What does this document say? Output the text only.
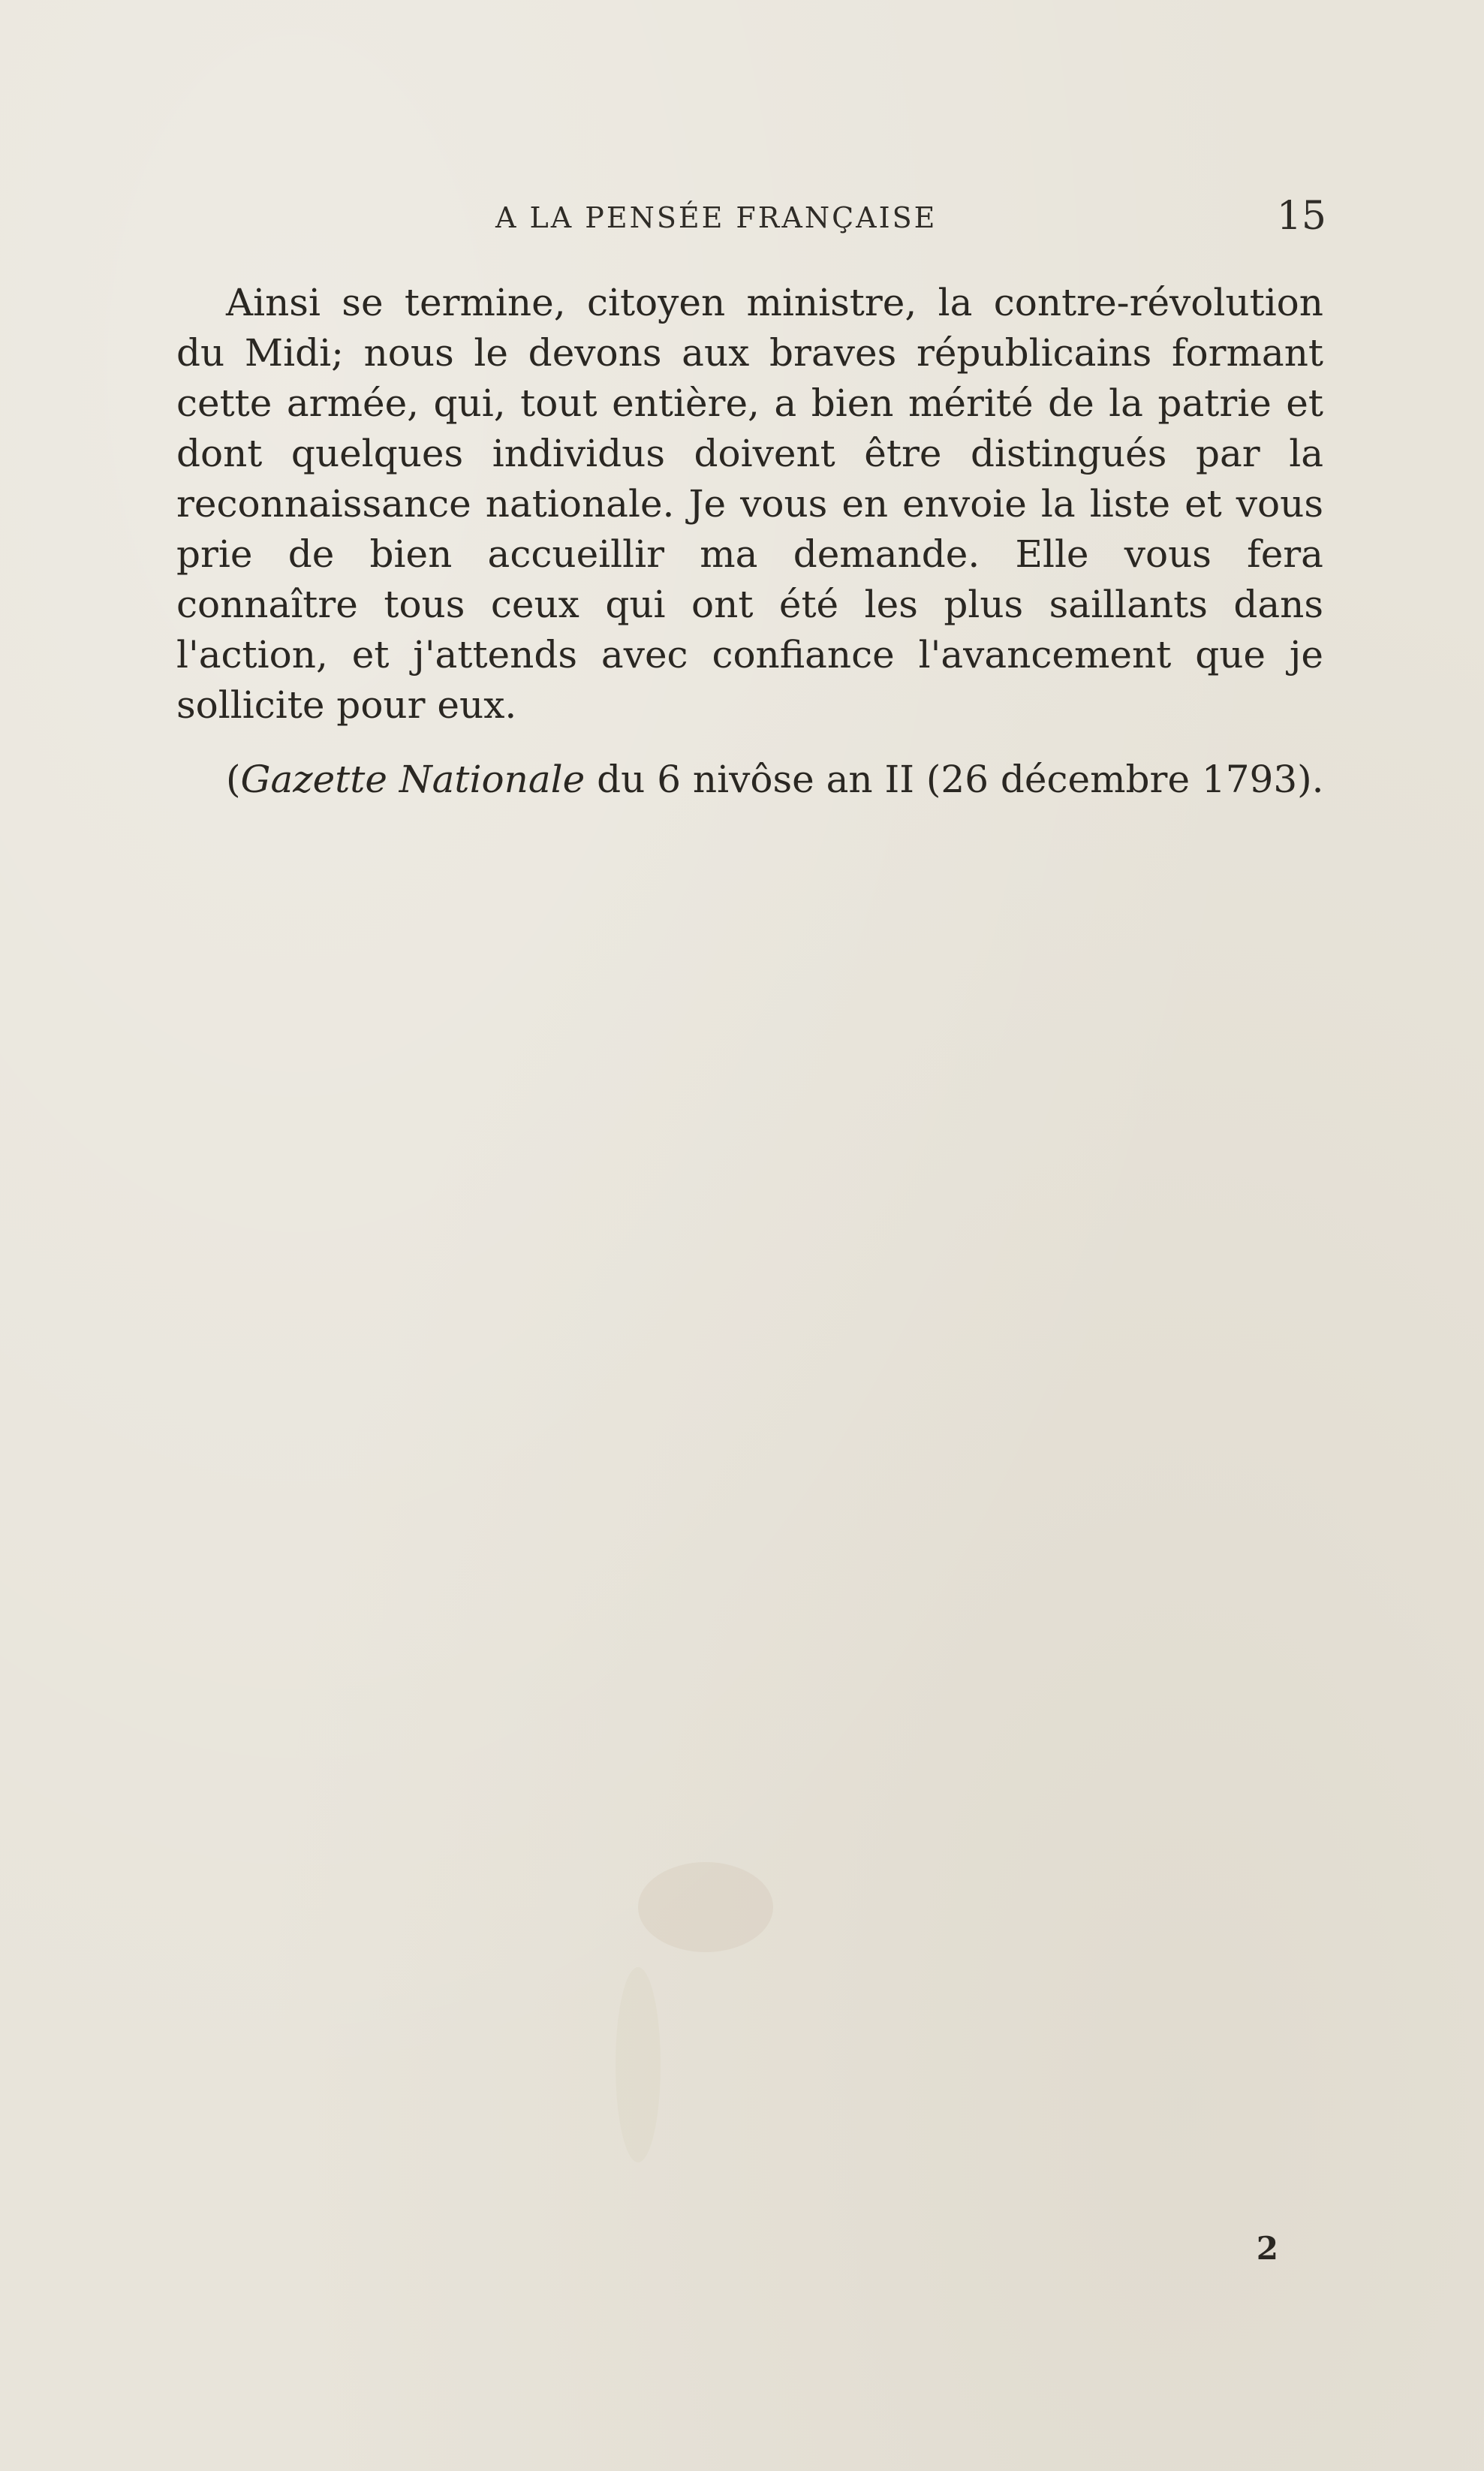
A LA PENSÉE FRANÇAISE	15

Ainsi se termine, citoyen ministre, la contre-révolution du Midi; nous le devons aux braves républicains formant cette armée, qui, tout entière, a bien mérité de la patrie et dont quelques individus doivent être distingués par la reconnaissance nationale. Je vous en envoie la liste et vous prie de bien accueillir ma demande. Elle vous fera connaître tous ceux qui ont été les plus saillants dans l'action, et j'attends avec confiance l'avancement que je sollicite pour eux.

(Gazette Nationale du 6 nivôse an II (26 décembre 1793).
2
